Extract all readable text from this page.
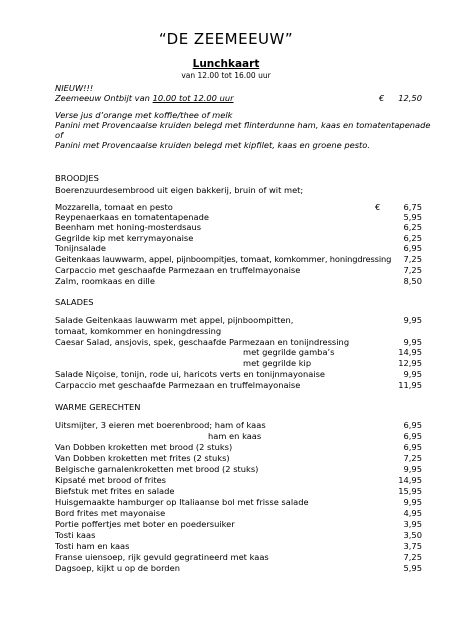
“DE ZEEMEEUW”
Lunchkaart
van 12.00 tot 16.00 uur
NIEUW!!!
Zeemeeuw Ontbijt van 10.00 tot 12.00 uur	€ 12,50
Verse jus d’orange met koffie/thee of melk
Panini met Provencaalse kruiden belegd met flinterdunne ham, kaas en tomatentapenade
of
Panini met Provencaalse kruiden belegd met kipfilet, kaas en groene pesto.
BROODJES
Boerenzuurdesembrood uit eigen bakkerij, bruin of wit met;
Mozzarella, tomaat en pesto	€	6,75
Reypenaerkaas en tomatentapenade	5,95
Beenham met honing-mosterdsaus	6,25
Gegrilde kip met kerrymayonaise	6,25
Tonijnsalade	6,95
Geitenkaas lauwwarm, appel, pijnboompitjes, tomaat, komkommer, honingdressing 7,25
Carpaccio met geschaafde Parmezaan en truffelmayonaise	7,25
Zalm, roomkaas en dille	8,50
SALADES
Salade Geitenkaas lauwwarm met appel, pijnboompitten,	9,95
tomaat, komkommer en honingdressing
Caesar Salad, ansjovis, spek, geschaafde Parmezaan en tonijndressing	9,95
met gegrilde gamba’s	14,95
met gegrilde kip	12,95
Salade Niçoise, tonijn, rode ui, haricots verts en tonijnmayonaise	9,95
Carpaccio met geschaafde Parmezaan en truffelmayonaise	11,95
WARME GERECHTEN
Uitsmijter, 3 eieren met boerenbrood; ham of kaas	6,95
ham en kaas	6,95
Van Dobben kroketten met brood (2 stuks)	6,95
Van Dobben kroketten met frites (2 stuks)	7,25
Belgische garnalenkroketten met brood (2 stuks)	9,95
Kipsaté met brood of frites	14,95
Biefstuk met frites en salade	15,95
Huisgemaakte hamburger op Italiaanse bol met frisse salade	9,95
Bord frites met mayonaise	4,95
Portie poffertjes met boter en poedersuiker	3,95
Tosti kaas	3,50
Tosti ham en kaas	3,75
Franse uiensoep, rijk gevuld gegratineerd met kaas	7,25
Dagsoep, kijkt u op de borden	5,95
